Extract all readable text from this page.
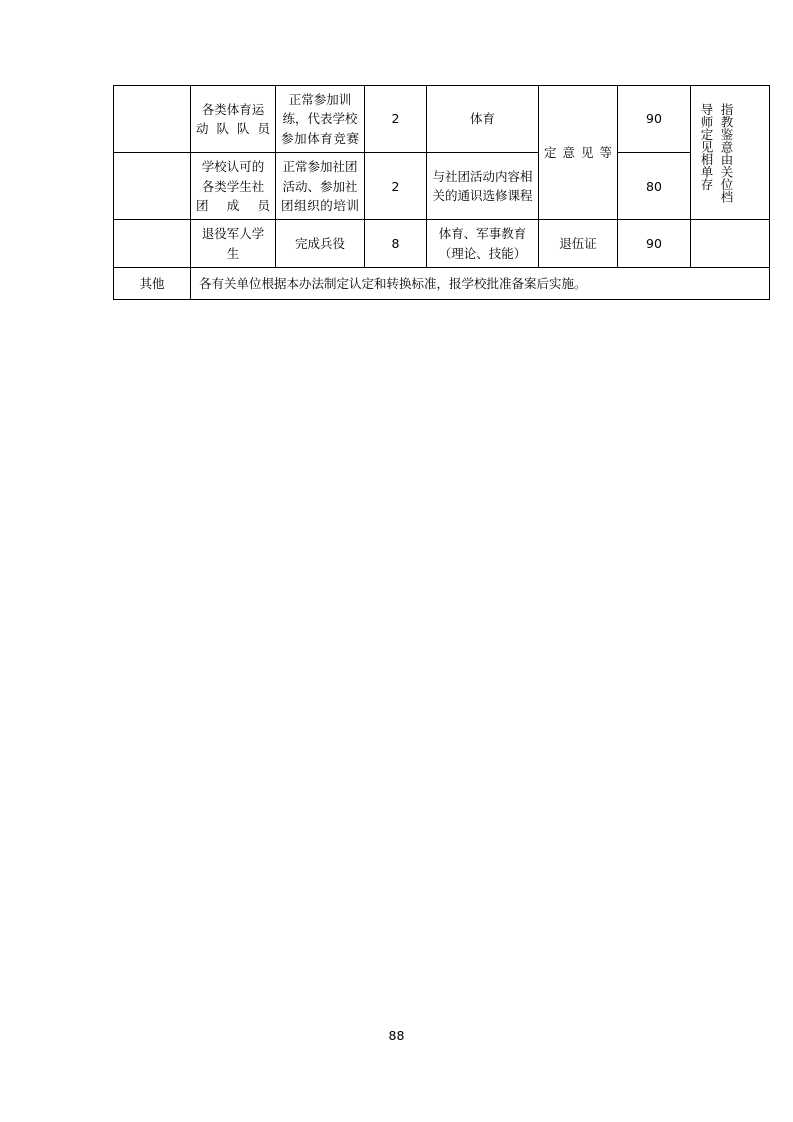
	各类体育运动队队员	正常参加训练，代表学校参加体育竞赛	2	体育	定意见等	90	导师定见相单存 指教鉴意由关位档

	学校认可的各类学生社团成员	正常参加社团活动、参加社团组织的培训	2	与社团活动内容相关的通识选修课程		80	
	退役军人学生	完成兵役	8	体育、军事教育（理论、技能）	退伍证	90	
其他	各有关单位根据本办法制定认定和转换标准，报学校批准备案后实施。						
88
